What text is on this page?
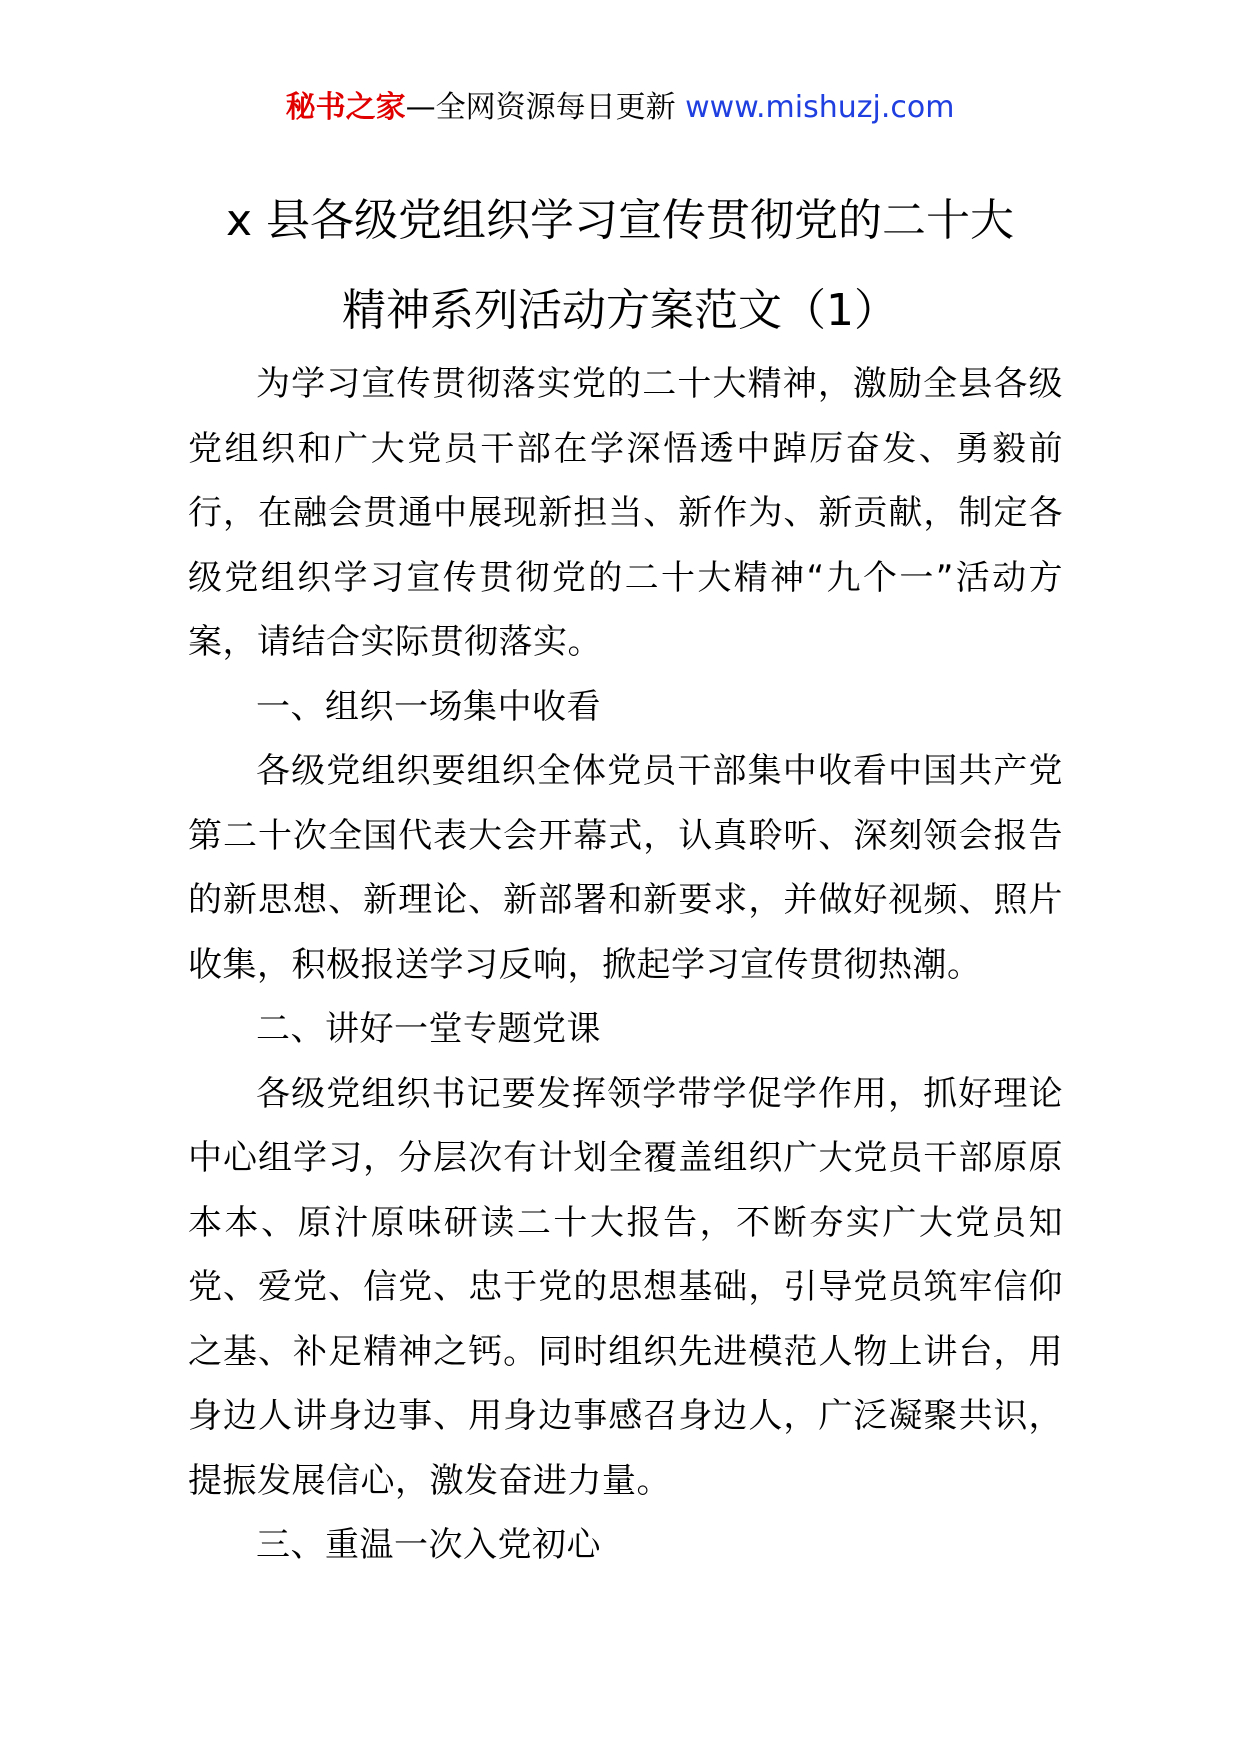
秘书之家—全网资源每日更新 www.mishuzj.com
x 县各级党组织学习宣传贯彻党的二十大
精神系列活动方案范文（1）

为学习宣传贯彻落实党的二十大精神，激励全县各级党组织和广大党员干部在学深悟透中踔厉奋发、勇毅前行，在融会贯通中展现新担当、新作为、新贡献，制定各级党组织学习宣传贯彻党的二十大精神“九个一”活动方案，请结合实际贯彻落实。

一、组织一场集中收看

各级党组织要组织全体党员干部集中收看中国共产党第二十次全国代表大会开幕式，认真聆听、深刻领会报告的新思想、新理论、新部署和新要求，并做好视频、照片收集，积极报送学习反响，掀起学习宣传贯彻热潮。

二、讲好一堂专题党课

各级党组织书记要发挥领学带学促学作用，抓好理论中心组学习，分层次有计划全覆盖组织广大党员干部原原本本、原汁原味研读二十大报告，不断夯实广大党员知党、爱党、信党、忠于党的思想基础，引导党员筑牢信仰之基、补足精神之钙。同时组织先进模范人物上讲台，用身边人讲身边事、用身边事感召身边人，广泛凝聚共识，提振发展信心，激发奋进力量。

三、重温一次入党初心
